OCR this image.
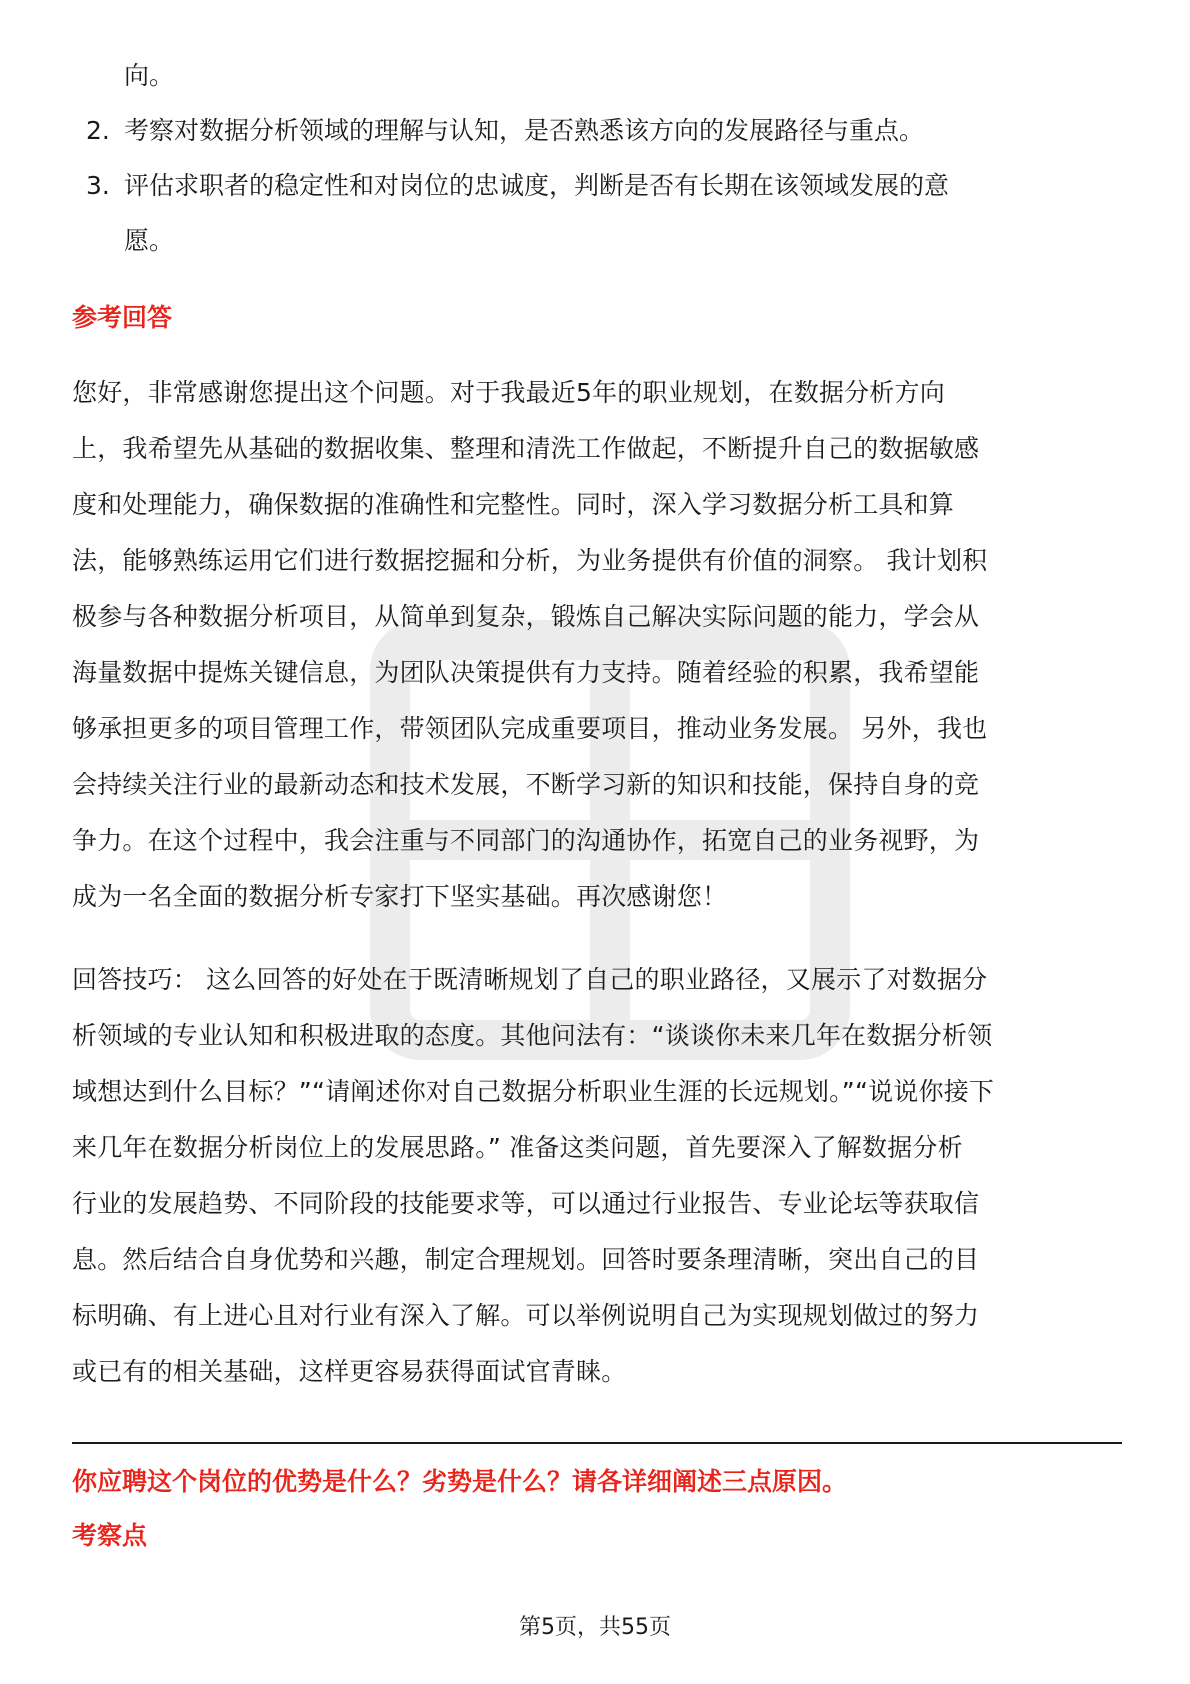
向。
2. 考察对数据分析领域的理解与认知，是否熟悉该方向的发展路径与重点。
3. 评估求职者的稳定性和对岗位的忠诚度，判断是否有长期在该领域发展的意
愿。
参考回答
您好，非常感谢您提出这个问题。对于我最近5年的职业规划，在数据分析方向
上，我希望先从基础的数据收集、整理和清洗工作做起，不断提升自己的数据敏感
度和处理能力，确保数据的准确性和完整性。同时，深入学习数据分析工具和算
法，能够熟练运用它们进行数据挖掘和分析，为业务提供有价值的洞察。 我计划积
极参与各种数据分析项目，从简单到复杂，锻炼自己解决实际问题的能力，学会从
海量数据中提炼关键信息，为团队决策提供有力支持。随着经验的积累，我希望能
够承担更多的项目管理工作，带领团队完成重要项目，推动业务发展。 另外，我也
会持续关注行业的最新动态和技术发展，不断学习新的知识和技能，保持自身的竞
争力。在这个过程中，我会注重与不同部门的沟通协作，拓宽自己的业务视野，为
成为一名全面的数据分析专家打下坚实基础。再次感谢您！
回答技巧： 这么回答的好处在于既清晰规划了自己的职业路径，又展示了对数据分
析领域的专业认知和积极进取的态度。其他问法有：“谈谈你未来几年在数据分析领
域想达到什么目标？”“请阐述你对自己数据分析职业生涯的长远规划。”“说说你接下
来几年在数据分析岗位上的发展思路。” 准备这类问题，首先要深入了解数据分析
行业的发展趋势、不同阶段的技能要求等，可以通过行业报告、专业论坛等获取信
息。然后结合自身优势和兴趣，制定合理规划。回答时要条理清晰，突出自己的目
标明确、有上进心且对行业有深入了解。可以举例说明自己为实现规划做过的努力
或已有的相关基础，这样更容易获得面试官青睐。
你应聘这个岗位的优势是什么？劣势是什么？请各详细阐述三点原因。
考察点
第5页，共55页
